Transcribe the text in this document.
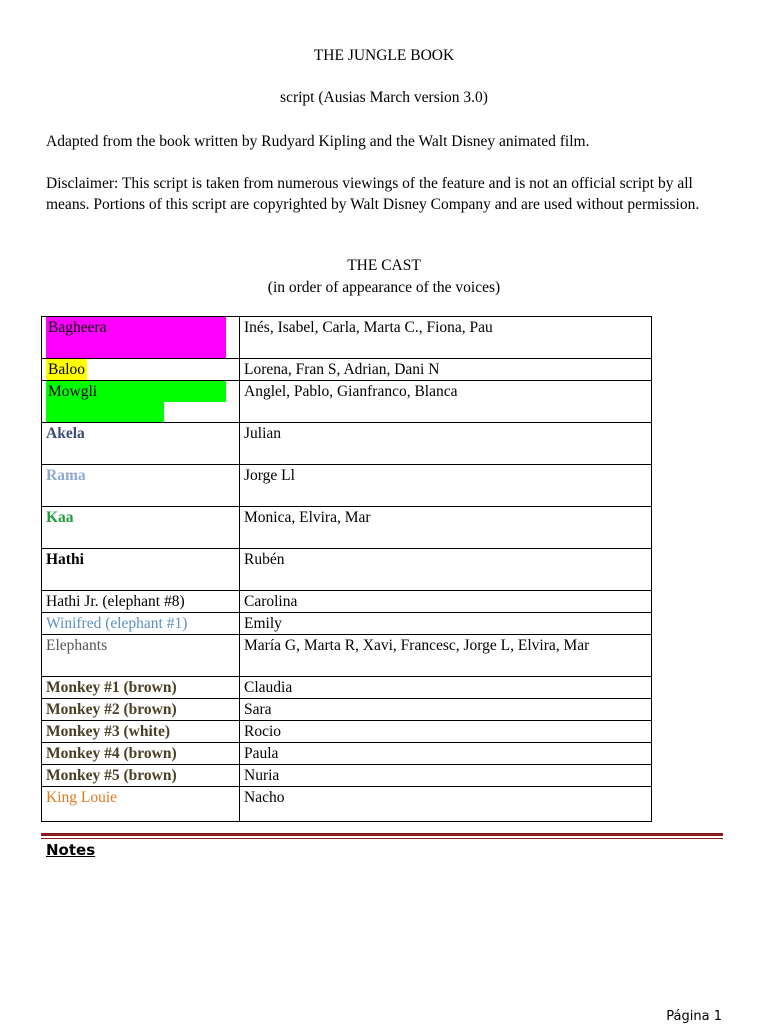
THE JUNGLE BOOK
script (Ausias March version 3.0)
Adapted from the book written by Rudyard Kipling and the Walt Disney animated film.
Disclaimer: This script is taken from numerous viewings of the feature and is not an official script by all means. Portions of this script are copyrighted by Walt Disney Company and are used without permission.
THE CAST
(in order of appearance of the voices)
Bagheera	Inés, Isabel, Carla, Marta C., Fiona, Pau
Baloo	Lorena, Fran S, Adrian, Dani N

Mowgli	Anglel, Pablo, Gianfranco, Blanca
Akela	Julian
Rama	Jorge Ll
Kaa	Monica, Elvira, Mar
Hathi	Rubén
Hathi Jr. (elephant #8)	Carolina
Winifred (elephant #1)	Emily
Elephants	María G, Marta R, Xavi, Francesc, Jorge L, Elvira, Mar
Monkey #1 (brown)	Claudia
Monkey #2 (brown)	Sara
Monkey #3 (white)	Rocio
Monkey #4 (brown)	Paula
Monkey #5 (brown)	Nuria
King Louie	Nacho
Notes
Página 1
